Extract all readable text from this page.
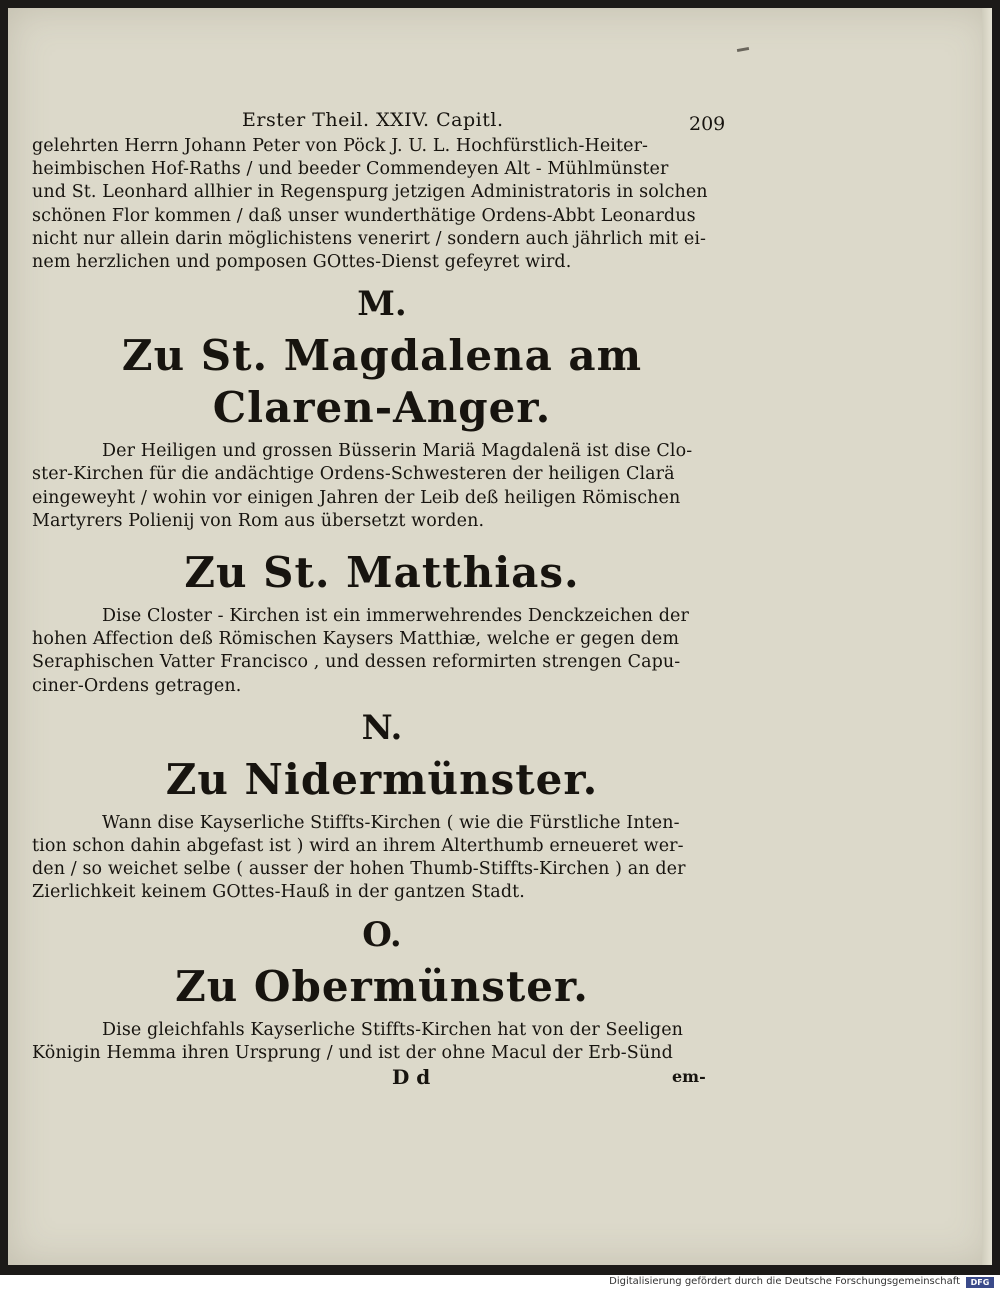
Erster Theil. XXIV. Capitl.	209

gelehrten Herrn Johann Peter von Pöck J. U. L. Hochfürstlich-Heiter-
heimbischen Hof-Raths / und beeder Commendeyen Alt - Mühlmünster
und St. Leonhard allhier in Regenspurg jetzigen Administratoris in solchen
schönen Flor kommen / daß unser wunderthätige Ordens-Abbt Leonardus
nicht nur allein darin möglichistens venerirt / sondern auch jährlich mit ei-
nem herzlichen und pomposen GOttes-Dienst gefeyret wird.

M.
Zu St. Magdalena am Claren-Anger.

Der Heiligen und grossen Büsserin Mariä Magdalenä ist dise Clo-
ster-Kirchen für die andächtige Ordens-Schwesteren der heiligen Clarä
eingeweyht / wohin vor einigen Jahren der Leib deß heiligen Römischen
Martyrers Polienij von Rom aus übersetzt worden.

Zu St. Matthias.

Dise Closter - Kirchen ist ein immerwehrendes Denckzeichen der
hohen Affection deß Römischen Kaysers Matthiæ, welche er gegen dem
Seraphischen Vatter Francisco , und dessen reformirten strengen Capu-
ciner-Ordens getragen.

N.
Zu Nidermünster.

Wann dise Kayserliche Stiffts-Kirchen ( wie die Fürstliche Inten-
tion schon dahin abgefast ist ) wird an ihrem Alterthumb erneueret wer-
den / so weichet selbe ( ausser der hohen Thumb-Stiffts-Kirchen ) an der
Zierlichkeit keinem GOttes-Hauß in der gantzen Stadt.

O.
Zu Obermünster.

Dise gleichfahls Kayserliche Stiffts-Kirchen hat von der Seeligen
Königin Hemma ihren Ursprung / und ist der ohne Macul der Erb-Sünd

D d	em-
Digitalisierung gefördert durch die Deutsche Forschungsgemeinschaft	DFG
